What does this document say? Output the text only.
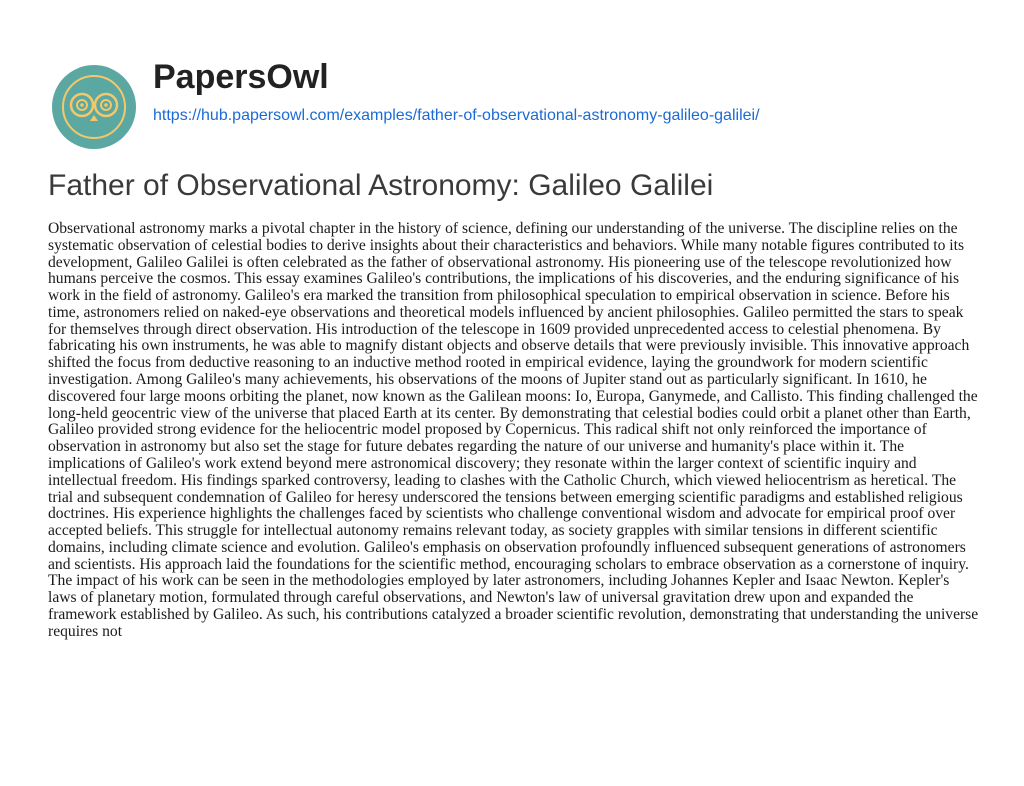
PapersOwl
https://hub.papersowl.com/examples/father-of-observational-astronomy-galileo-galilei/
Father of Observational Astronomy: Galileo Galilei

Observational astronomy marks a pivotal chapter in the history of science, defining our understanding of the universe. The discipline relies on the systematic observation of celestial bodies to derive insights about their characteristics and behaviors. While many notable figures contributed to its development, Galileo Galilei is often celebrated as the father of observational astronomy. His pioneering use of the telescope revolutionized how humans perceive the cosmos. This essay examines Galileo's contributions, the implications of his discoveries, and the enduring significance of his work in the field of astronomy. Galileo's era marked the transition from philosophical speculation to empirical observation in science. Before his time, astronomers relied on naked-eye observations and theoretical models influenced by ancient philosophies. Galileo permitted the stars to speak for themselves through direct observation. His introduction of the telescope in 1609 provided unprecedented access to celestial phenomena. By fabricating his own instruments, he was able to magnify distant objects and observe details that were previously invisible. This innovative approach shifted the focus from deductive reasoning to an inductive method rooted in empirical evidence, laying the groundwork for modern scientific investigation. Among Galileo's many achievements, his observations of the moons of Jupiter stand out as particularly significant. In 1610, he discovered four large moons orbiting the planet, now known as the Galilean moons: Io, Europa, Ganymede, and Callisto. This finding challenged the long-held geocentric view of the universe that placed Earth at its center. By demonstrating that celestial bodies could orbit a planet other than Earth, Galileo provided strong evidence for the heliocentric model proposed by Copernicus. This radical shift not only reinforced the importance of observation in astronomy but also set the stage for future debates regarding the nature of our universe and humanity's place within it. The implications of Galileo's work extend beyond mere astronomical discovery; they resonate within the larger context of scientific inquiry and intellectual freedom. His findings sparked controversy, leading to clashes with the Catholic Church, which viewed heliocentrism as heretical. The trial and subsequent condemnation of Galileo for heresy underscored the tensions between emerging scientific paradigms and established religious doctrines. His experience highlights the challenges faced by scientists who challenge conventional wisdom and advocate for empirical proof over accepted beliefs. This struggle for intellectual autonomy remains relevant today, as society grapples with similar tensions in different scientific domains, including climate science and evolution. Galileo's emphasis on observation profoundly influenced subsequent generations of astronomers and scientists. His approach laid the foundations for the scientific method, encouraging scholars to embrace observation as a cornerstone of inquiry. The impact of his work can be seen in the methodologies employed by later astronomers, including Johannes Kepler and Isaac Newton. Kepler's laws of planetary motion, formulated through careful observations, and Newton's law of universal gravitation drew upon and expanded the framework established by Galileo. As such, his contributions catalyzed a broader scientific revolution, demonstrating that understanding the universe requires not
